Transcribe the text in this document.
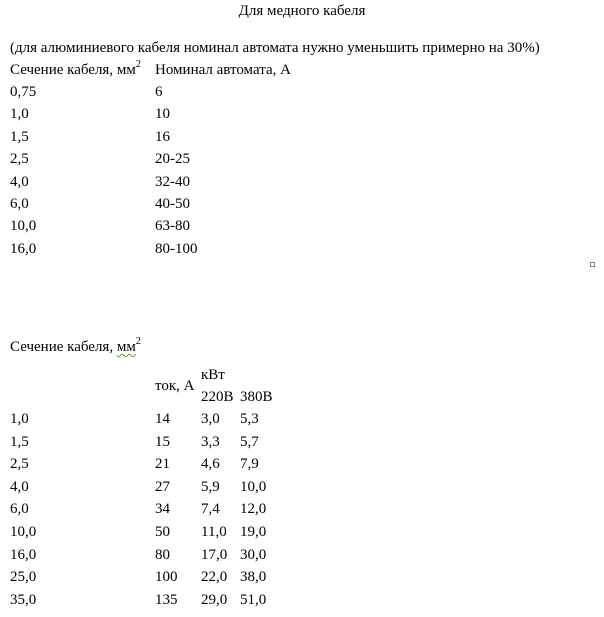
Для медного кабеля
(для алюминиевого кабеля номинал автомата нужно уменьшить примерно на 30%)
Сечение кабеля, $мм^2$ Номинал автомата, А
0,75	6
1,0	10
1,5	16
2,5	20-25
4,0	32-40
6,0	40-50
10,0	63-80
16,0	80-100
Сечение кабеля, $мм^2$
кВт
ток, А
220В 380В
1,0	14 3,0 5,3
1,5	15 3,3 5,7
2,5	21 4,6 7,9
4,0	27 5,9 10,0
6,0	34 7,4 12,0
10,0	50 11,0 19,0
16,0	80 17,0 30,0
25,0	100 22,0 38,0
35,0	135 29,0 51,0
